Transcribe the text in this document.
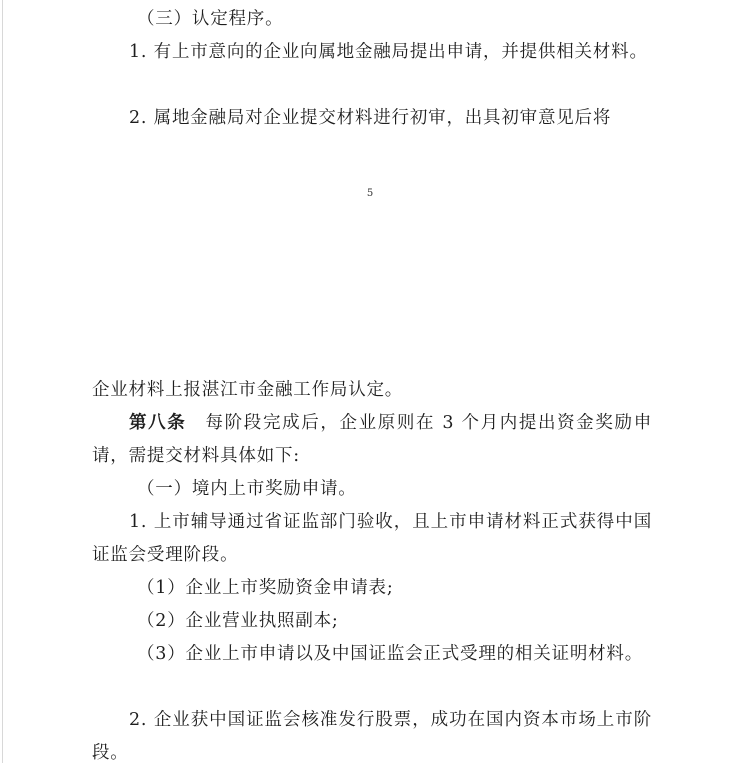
（三）认定程序。

1. 有上市意向的企业向属地金融局提出申请，并提供相关材料。

2. 属地金融局对企业提交材料进行初审，出具初审意见后将

5

企业材料上报湛江市金融工作局认定。

第八条　每阶段完成后，企业原则在 3 个月内提出资金奖励申请，需提交材料具体如下:

（一）境内上市奖励申请。

1. 上市辅导通过省证监部门验收，且上市申请材料正式获得中国证监会受理阶段。

（1）企业上市奖励资金申请表;

（2）企业营业执照副本;

（3）企业上市申请以及中国证监会正式受理的相关证明材料。

2. 企业获中国证监会核准发行股票，成功在国内资本市场上市阶段。
